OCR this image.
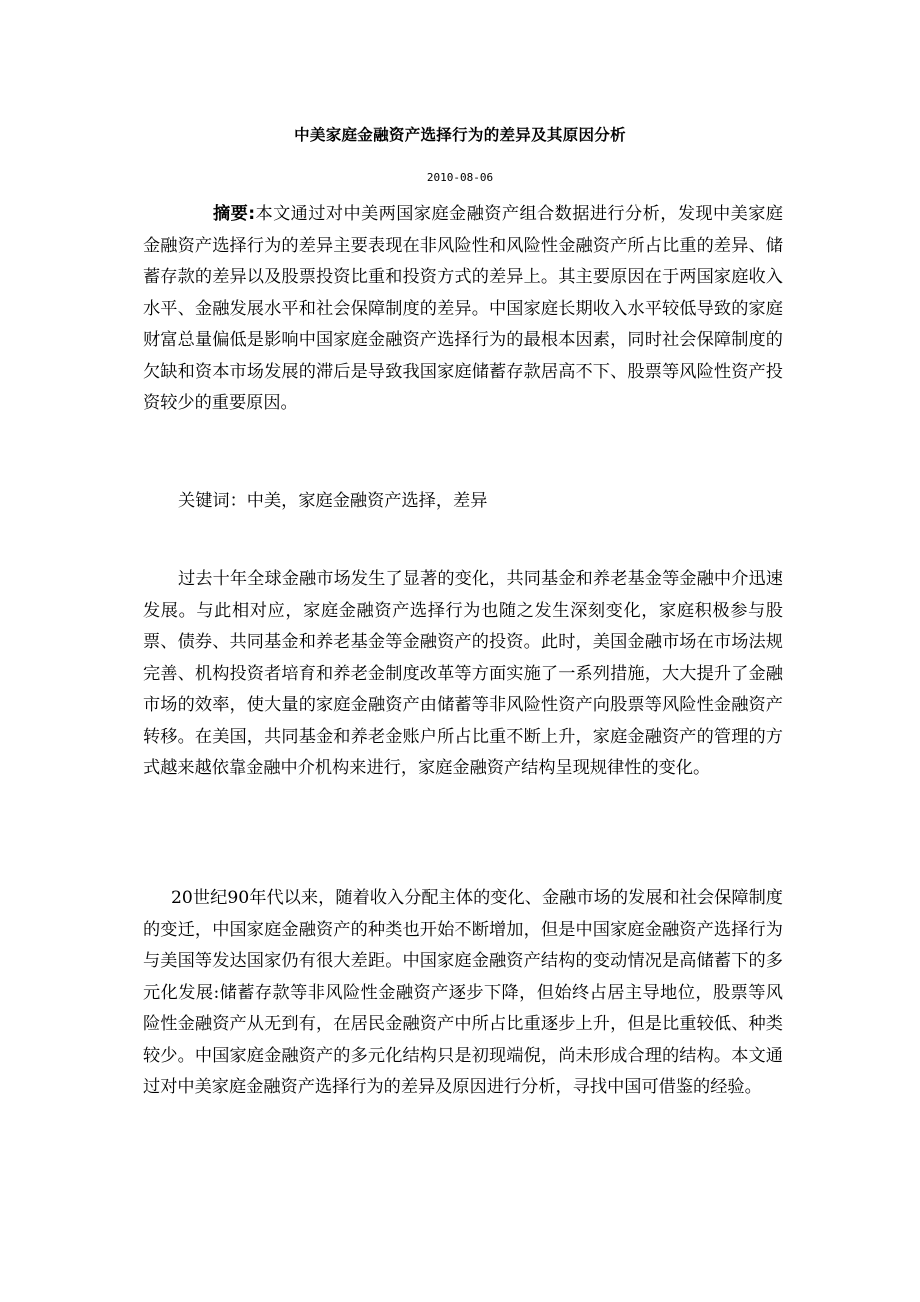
中美家庭金融资产选择行为的差异及其原因分析
2010-08-06

摘要:本文通过对中美两国家庭金融资产组合数据进行分析，发现中美家庭金融资产选择行为的差异主要表现在非风险性和风险性金融资产所占比重的差异、储蓄存款的差异以及股票投资比重和投资方式的差异上。其主要原因在于两国家庭收入水平、金融发展水平和社会保障制度的差异。中国家庭长期收入水平较低导致的家庭财富总量偏低是影响中国家庭金融资产选择行为的最根本因素，同时社会保障制度的欠缺和资本市场发展的滞后是导致我国家庭储蓄存款居高不下、股票等风险性资产投资较少的重要原因。

关键词：中美，家庭金融资产选择，差异

过去十年全球金融市场发生了显著的变化，共同基金和养老基金等金融中介迅速发展。与此相对应，家庭金融资产选择行为也随之发生深刻变化，家庭积极参与股票、债券、共同基金和养老基金等金融资产的投资。此时，美国金融市场在市场法规完善、机构投资者培育和养老金制度改革等方面实施了一系列措施，大大提升了金融市场的效率，使大量的家庭金融资产由储蓄等非风险性资产向股票等风险性金融资产转移。在美国，共同基金和养老金账户所占比重不断上升，家庭金融资产的管理的方式越来越依靠金融中介机构来进行，家庭金融资产结构呈现规律性的变化。

20世纪90年代以来，随着收入分配主体的变化、金融市场的发展和社会保障制度的变迁，中国家庭金融资产的种类也开始不断增加，但是中国家庭金融资产选择行为与美国等发达国家仍有很大差距。中国家庭金融资产结构的变动情况是高储蓄下的多元化发展:储蓄存款等非风险性金融资产逐步下降，但始终占居主导地位，股票等风险性金融资产从无到有，在居民金融资产中所占比重逐步上升，但是比重较低、种类较少。中国家庭金融资产的多元化结构只是初现端倪，尚未形成合理的结构。本文通过对中美家庭金融资产选择行为的差异及原因进行分析，寻找中国可借鉴的经验。
